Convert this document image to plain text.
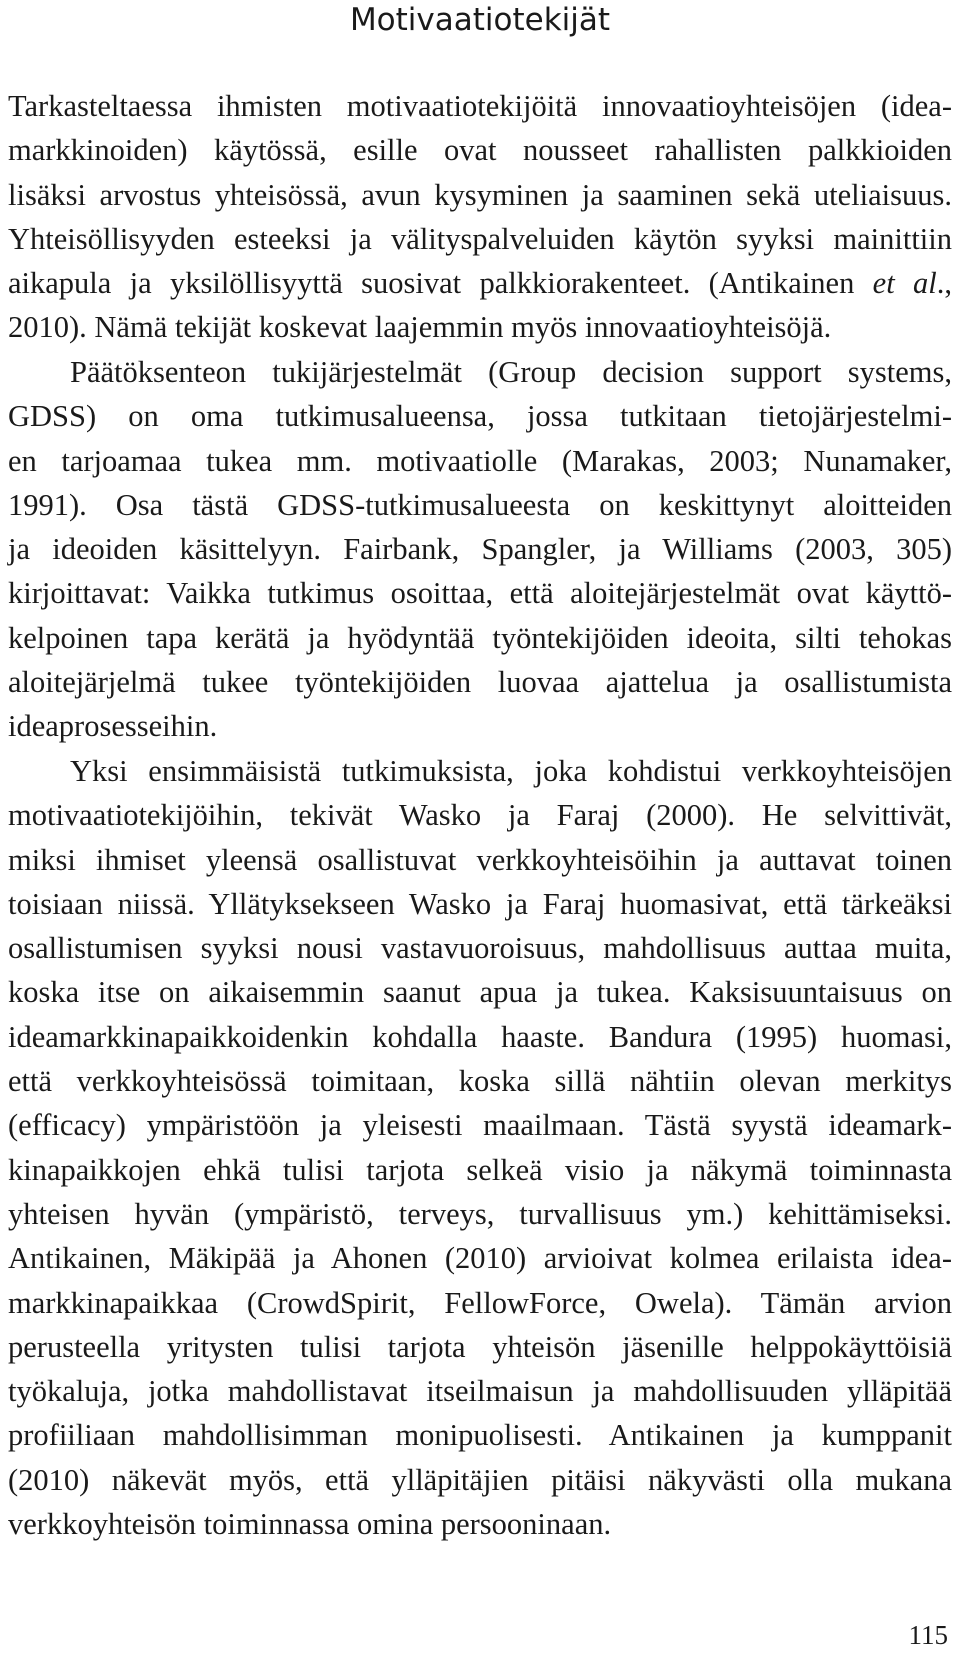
Motivaatiotekijät

Tarkasteltaessa ihmisten motivaatiotekijöitä innovaatioyhteisöjen (idea-
markkinoiden) käytössä, esille ovat nousseet rahallisten palkkioiden
lisäksi arvostus yhteisössä, avun kysyminen ja saaminen sekä uteliaisuus.
Yhteisöllisyyden esteeksi ja välityspalveluiden käytön syyksi mainittiin
aikapula ja yksilöllisyyttä suosivat palkkiorakenteet. (Antikainen et al.,
2010). Nämä tekijät koskevat laajemmin myös innovaatioyhteisöjä.

Päätöksenteon tukijärjestelmät (Group decision support systems,
GDSS) on oma tutkimusalueensa, jossa tutkitaan tietojärjestelmi-
en tarjoamaa tukea mm. motivaatiolle (Marakas, 2003; Nunamaker,
1991). Osa tästä GDSS-tutkimusalueesta on keskittynyt aloitteiden
ja ideoiden käsittelyyn. Fairbank, Spangler, ja Williams (2003, 305)
kirjoittavat: Vaikka tutkimus osoittaa, että aloitejärjestelmät ovat käyttö-
kelpoinen tapa kerätä ja hyödyntää työntekijöiden ideoita, silti tehokas
aloitejärjelmä tukee työntekijöiden luovaa ajattelua ja osallistumista
ideaprosesseihin.

Yksi ensimmäisistä tutkimuksista, joka kohdistui verkkoyhteisöjen
motivaatiotekijöihin, tekivät Wasko ja Faraj (2000). He selvittivät,
miksi ihmiset yleensä osallistuvat verkkoyhteisöihin ja auttavat toinen
toisiaan niissä. Yllätyksekseen Wasko ja Faraj huomasivat, että tärkeäksi
osallistumisen syyksi nousi vastavuoroisuus, mahdollisuus auttaa muita,
koska itse on aikaisemmin saanut apua ja tukea. Kaksisuuntaisuus on
ideamarkkinapaikkoidenkin kohdalla haaste. Bandura (1995) huomasi,
että verkkoyhteisössä toimitaan, koska sillä nähtiin olevan merkitys
(efficacy) ympäristöön ja yleisesti maailmaan. Tästä syystä ideamark-
kinapaikkojen ehkä tulisi tarjota selkeä visio ja näkymä toiminnasta
yhteisen hyvän (ympäristö, terveys, turvallisuus ym.) kehittämiseksi.
Antikainen, Mäkipää ja Ahonen (2010) arvioivat kolmea erilaista idea-
markkinapaikkaa (CrowdSpirit, FellowForce, Owela). Tämän arvion
perusteella yritysten tulisi tarjota yhteisön jäsenille helppokäyttöisiä
työkaluja, jotka mahdollistavat itseilmaisun ja mahdollisuuden ylläpitää
profiiliaan mahdollisimman monipuolisesti. Antikainen ja kumppanit
(2010) näkevät myös, että ylläpitäjien pitäisi näkyvästi olla mukana
verkkoyhteisön toiminnassa omina persooninaan.

115
